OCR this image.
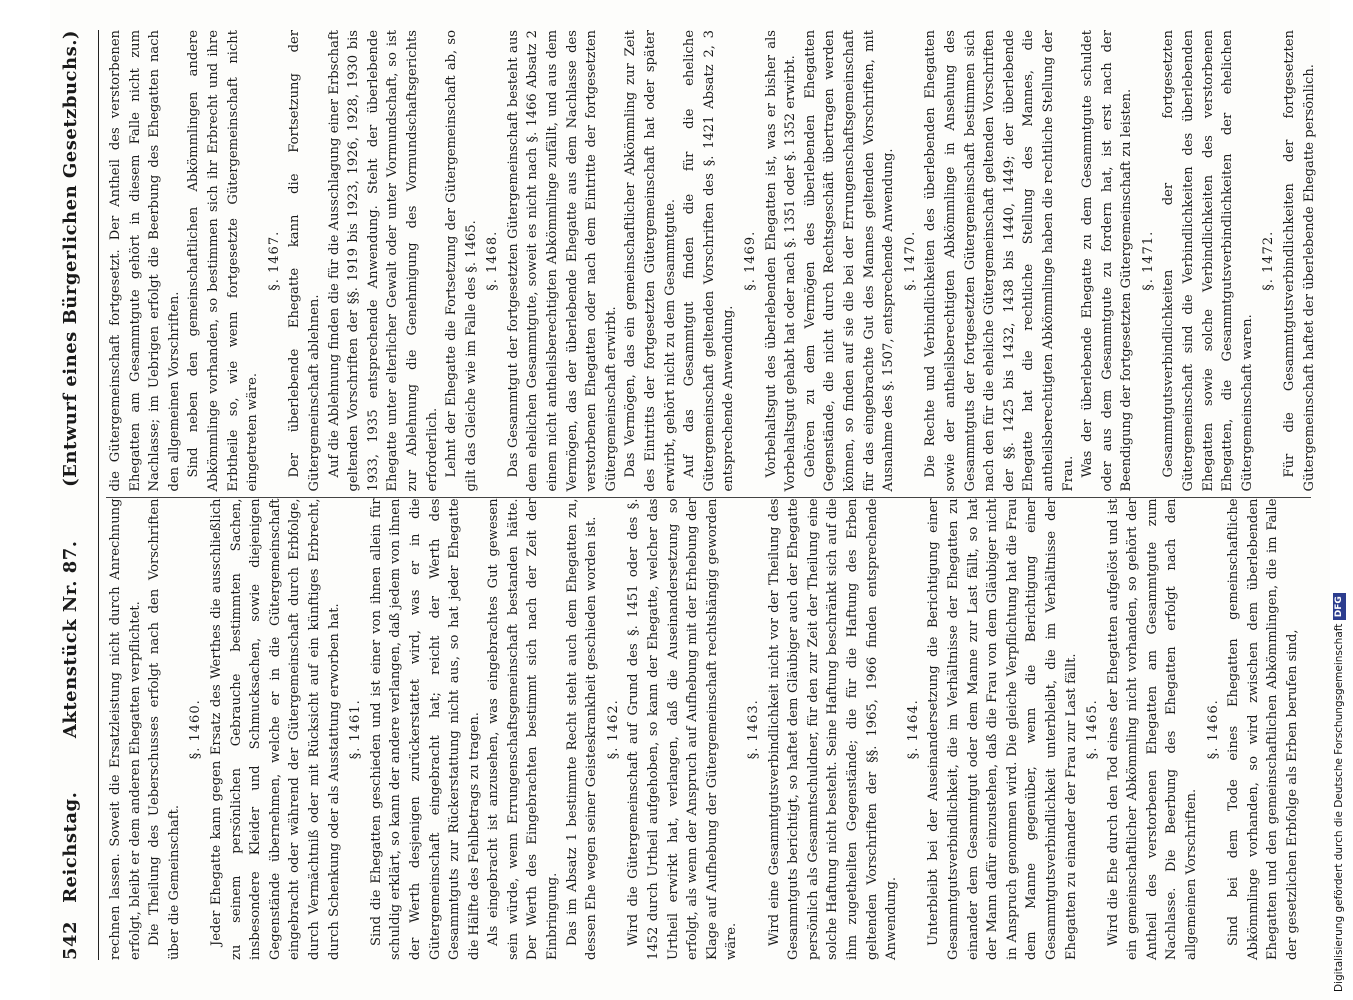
542
Reichstag.
Aktenstück Nr. 87.
(Entwurf eines Bürgerlichen Gesetzbuchs.)

rechnen lassen. Soweit die Ersatzleistung nicht durch Anrechnung erfolgt, bleibt er dem anderen Ehegatten verpflichtet. Die Theilung des Ueberschusses erfolgt nach den Vorschriften über die Gemeinschaft.

§. 1460. Jeder Ehegatte kann gegen Ersatz des Werthes die ausschließlich zu seinem persönlichen Gebrauche bestimmten Sachen, insbesondere Kleider und Schmucksachen, sowie diejenigen Gegenstände übernehmen, welche er in die Gütergemeinschaft eingebracht oder während der Gütergemeinschaft durch Erbfolge, durch Vermächtniß oder mit Rücksicht auf ein künftiges Erbrecht, durch Schenkung oder als Ausstattung erworben hat. §. 1461. Sind die Ehegatten geschieden und ist einer von ihnen allein für schuldig erklärt, so kann der andere verlangen, daß jedem von ihnen der Werth desjenigen zurückerstattet wird, was er in die Gütergemeinschaft eingebracht hat; reicht der Werth des Gesammtguts zur Rückerstattung nicht aus, so hat jeder Ehegatte die Hälfte des Fehlbetrags zu tragen. Als eingebracht ist anzusehen, was eingebrachtes Gut gewesen sein würde, wenn Errungenschaftsgemeinschaft bestanden hätte. Der Werth des Eingebrachten bestimmt sich nach der Zeit der Einbringung. Das im Absatz 1 bestimmte Recht steht auch dem Ehegatten zu, dessen Ehe wegen seiner Geisteskrankheit geschieden worden ist. §. 1462. Wird die Gütergemeinschaft auf Grund des §. 1451 oder des §. 1452 durch Urtheil aufgehoben, so kann der Ehegatte, welcher das Urtheil erwirkt hat, verlangen, daß die Auseinandersetzung so erfolgt, als wenn der Anspruch auf Aufhebung mit der Erhebung der Klage auf Aufhebung der Gütergemeinschaft rechtshängig geworden wäre.

§. 1463. Wird eine Gesammtgutsverbindlichkeit nicht vor der Theilung des Gesammtguts berichtigt, so haftet dem Gläubiger auch der Ehegatte persönlich als Gesammtschuldner, für den zur Zeit der Theilung eine solche Haftung nicht besteht. Seine Haftung beschränkt sich auf die ihm zugetheilten Gegenstände; die für die Haftung des Erben geltenden Vorschriften der §§. 1965, 1966 finden entsprechende Anwendung.

§. 1464. Unterbleibt bei der Auseinandersetzung die Berichtigung einer Gesammtgutsverbindlichkeit, die im Verhältnisse der Ehegatten zu einander dem Gesammtgut oder dem Manne zur Last fällt, so hat der Mann dafür einzustehen, daß die Frau von dem Gläubiger nicht in Anspruch genommen wird. Die gleiche Verpflichtung hat die Frau dem Manne gegenüber, wenn die Berichtigung einer Gesammtgutsverbindlichkeit unterbleibt, die im Verhältnisse der Ehegatten zu einander der Frau zur Last fällt. §. 1465. Wird die Ehe durch den Tod eines der Ehegatten aufgelöst und ist ein gemeinschaftlicher Abkömmling nicht vorhanden, so gehört der Antheil des verstorbenen Ehegatten am Gesammtgute zum Nachlasse. Die Beerbung des Ehegatten erfolgt nach den allgemeinen Vorschriften.

§. 1466. Sind bei dem Tode eines Ehegatten gemeinschaftliche Abkömmlinge vorhanden, so wird zwischen dem überlebenden Ehegatten und den gemeinschaftlichen Abkömmlingen, die im Falle der gesetzlichen Erbfolge als Erben berufen sind,

die Gütergemeinschaft fortgesetzt. Der Antheil des verstorbenen Ehegatten am Gesammtgute gehört in diesem Falle nicht zum Nachlasse; im Uebrigen erfolgt die Beerbung des Ehegatten nach den allgemeinen Vorschriften. Sind neben den gemeinschaftlichen Abkömmlingen andere Abkömmlinge vorhanden, so bestimmen sich ihr Erbrecht und ihre Erbtheile so, wie wenn fortgesetzte Gütergemeinschaft nicht eingetreten wäre.

§. 1467. Der überlebende Ehegatte kann die Fortsetzung der Gütergemeinschaft ablehnen. Auf die Ablehnung finden die für die Ausschlagung einer Erbschaft geltenden Vorschriften der §§. 1919 bis 1923, 1926, 1928, 1930 bis 1933, 1935 entsprechende Anwendung. Steht der überlebende Ehegatte unter elterlicher Gewalt oder unter Vormundschaft, so ist zur Ablehnung die Genehmigung des Vormundschaftsgerichts erforderlich. Lehnt der Ehegatte die Fortsetzung der Gütergemeinschaft ab, so gilt das Gleiche wie im Falle des §. 1465. §. 1468. Das Gesammtgut der fortgesetzten Gütergemeinschaft besteht aus dem ehelichen Gesammtgute, soweit es nicht nach §. 1466 Absatz 2 einem nicht antheilsberechtigten Abkömmlinge zufällt, und aus dem Vermögen, das der überlebende Ehegatte aus dem Nachlasse des verstorbenen Ehegatten oder nach dem Eintritte der fortgesetzten Gütergemeinschaft erwirbt. Das Vermögen, das ein gemeinschaftlicher Abkömmling zur Zeit des Eintritts der fortgesetzten Gütergemeinschaft hat oder später erwirbt, gehört nicht zu dem Gesammtgute. Auf das Gesammtgut finden die für die eheliche Gütergemeinschaft geltenden Vorschriften des §. 1421 Absatz 2, 3 entsprechende Anwendung.

§. 1469. Vorbehaltsgut des überlebenden Ehegatten ist, was er bisher als Vorbehaltsgut gehabt hat oder nach §. 1351 oder §. 1352 erwirbt. Gehören zu dem Vermögen des überlebenden Ehegatten Gegenstände, die nicht durch Rechtsgeschäft übertragen werden können, so finden auf sie die bei der Errungenschaftsgemeinschaft für das eingebrachte Gut des Mannes geltenden Vorschriften, mit Ausnahme des §. 1507, entsprechende Anwendung. §. 1470. Die Rechte und Verbindlichkeiten des überlebenden Ehegatten sowie der antheilsberechtigten Abkömmlinge in Ansehung des Gesammtguts der fortgesetzten Gütergemeinschaft bestimmen sich nach den für die eheliche Gütergemeinschaft geltenden Vorschriften der §§. 1425 bis 1432, 1438 bis 1440, 1449; der überlebende Ehegatte hat die rechtliche Stellung des Mannes, die antheilsberechtigten Abkömmlinge haben die rechtliche Stellung der Frau. Was der überlebende Ehegatte zu dem Gesammtgute schuldet oder aus dem Gesammtgute zu fordern hat, ist erst nach der Beendigung der fortgesetzten Gütergemeinschaft zu leisten. §. 1471. Gesammtgutsverbindlichkeiten der fortgesetzten Gütergemeinschaft sind die Verbindlichkeiten des überlebenden Ehegatten sowie solche Verbindlichkeiten des verstorbenen Ehegatten, die Gesammtgutsverbindlichkeiten der ehelichen Gütergemeinschaft waren.

§. 1472. Für die Gesammtgutsverbindlichkeiten der fortgesetzten Gütergemeinschaft haftet der überlebende Ehegatte persönlich.

Digitalisierung gefördert durch die Deutsche Forschungsgemeinschaft DFG
